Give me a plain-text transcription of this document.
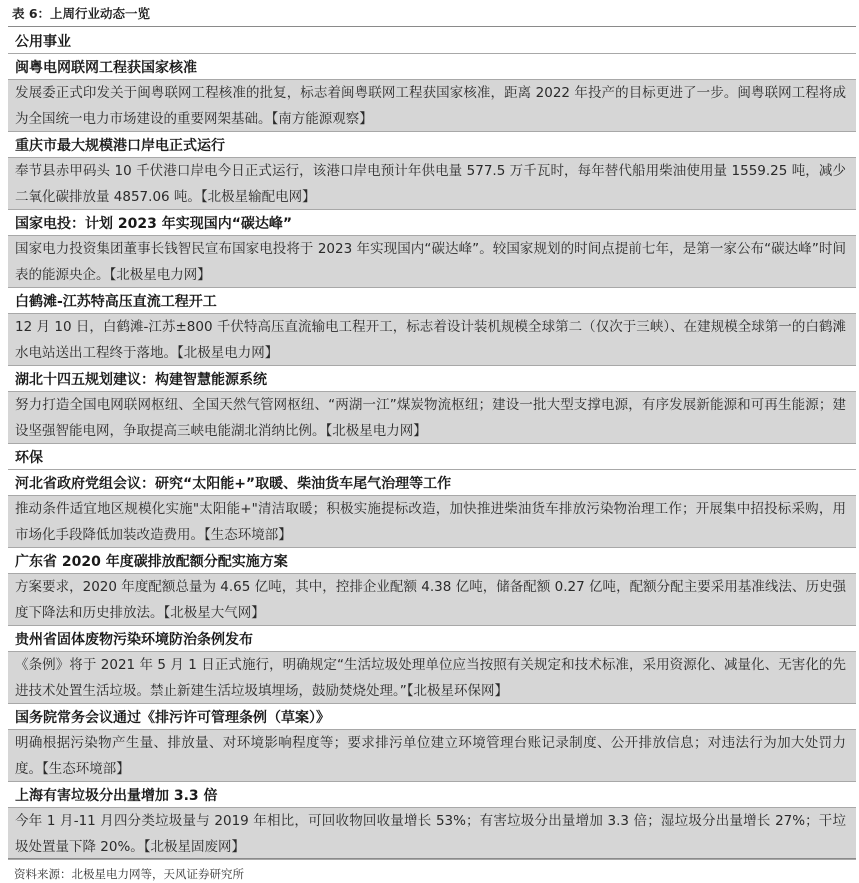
表 6：上周行业动态一览
公用事业
闽粤电网联网工程获国家核准
发展委正式印发关于闽粤联网工程核准的批复，标志着闽粤联网工程获国家核准，距离 2022 年投产的目标更进了一步。闽粤联网工程将成为全国统一电力市场建设的重要网架基础。【南方能源观察】
重庆市最大规模港口岸电正式运行
奉节县赤甲码头 10 千伏港口岸电今日正式运行，该港口岸电预计年供电量 577.5 万千瓦时，每年替代船用柴油使用量 1559.25 吨，减少二氧化碳排放量 4857.06 吨。【北极星输配电网】
国家电投：计划 2023 年实现国内“碳达峰”
国家电力投资集团董事长钱智民宣布国家电投将于 2023 年实现国内“碳达峰”。较国家规划的时间点提前七年，是第一家公布“碳达峰”时间表的能源央企。【北极星电力网】
白鹤滩-江苏特高压直流工程开工
12 月 10 日，白鹤滩-江苏±800 千伏特高压直流输电工程开工，标志着设计装机规模全球第二（仅次于三峡）、在建规模全球第一的白鹤滩水电站送出工程终于落地。【北极星电力网】
湖北十四五规划建议：构建智慧能源系统
努力打造全国电网联网枢纽、全国天然气管网枢纽、“两湖一江”煤炭物流枢纽；建设一批大型支撑电源，有序发展新能源和可再生能源；建设坚强智能电网，争取提高三峡电能湖北消纳比例。【北极星电力网】
环保
河北省政府党组会议：研究“太阳能+”取暖、柴油货车尾气治理等工作
推动条件适宜地区规模化实施"太阳能+"清洁取暖；积极实施提标改造，加快推进柴油货车排放污染物治理工作；开展集中招投标采购，用市场化手段降低加装改造费用。【生态环境部】
广东省 2020 年度碳排放配额分配实施方案
方案要求，2020 年度配额总量为 4.65 亿吨，其中，控排企业配额 4.38 亿吨，储备配额 0.27 亿吨，配额分配主要采用基准线法、历史强度下降法和历史排放法。【北极星大气网】
贵州省固体废物污染环境防治条例发布
《条例》将于 2021 年 5 月 1 日正式施行，明确规定“生活垃圾处理单位应当按照有关规定和技术标准，采用资源化、减量化、无害化的先进技术处置生活垃圾。禁止新建生活垃圾填埋场，鼓励焚烧处理。”【北极星环保网】
国务院常务会议通过《排污许可管理条例（草案）》
明确根据污染物产生量、排放量、对环境影响程度等；要求排污单位建立环境管理台账记录制度、公开排放信息；对违法行为加大处罚力度。【生态环境部】
上海有害垃圾分出量增加 3.3 倍
今年 1 月-11 月四分类垃圾量与 2019 年相比，可回收物回收量增长 53%；有害垃圾分出量增加 3.3 倍；湿垃圾分出量增长 27%；干垃圾处置量下降 20%。【北极星固废网】
资料来源：北极星电力网等，天风证券研究所
